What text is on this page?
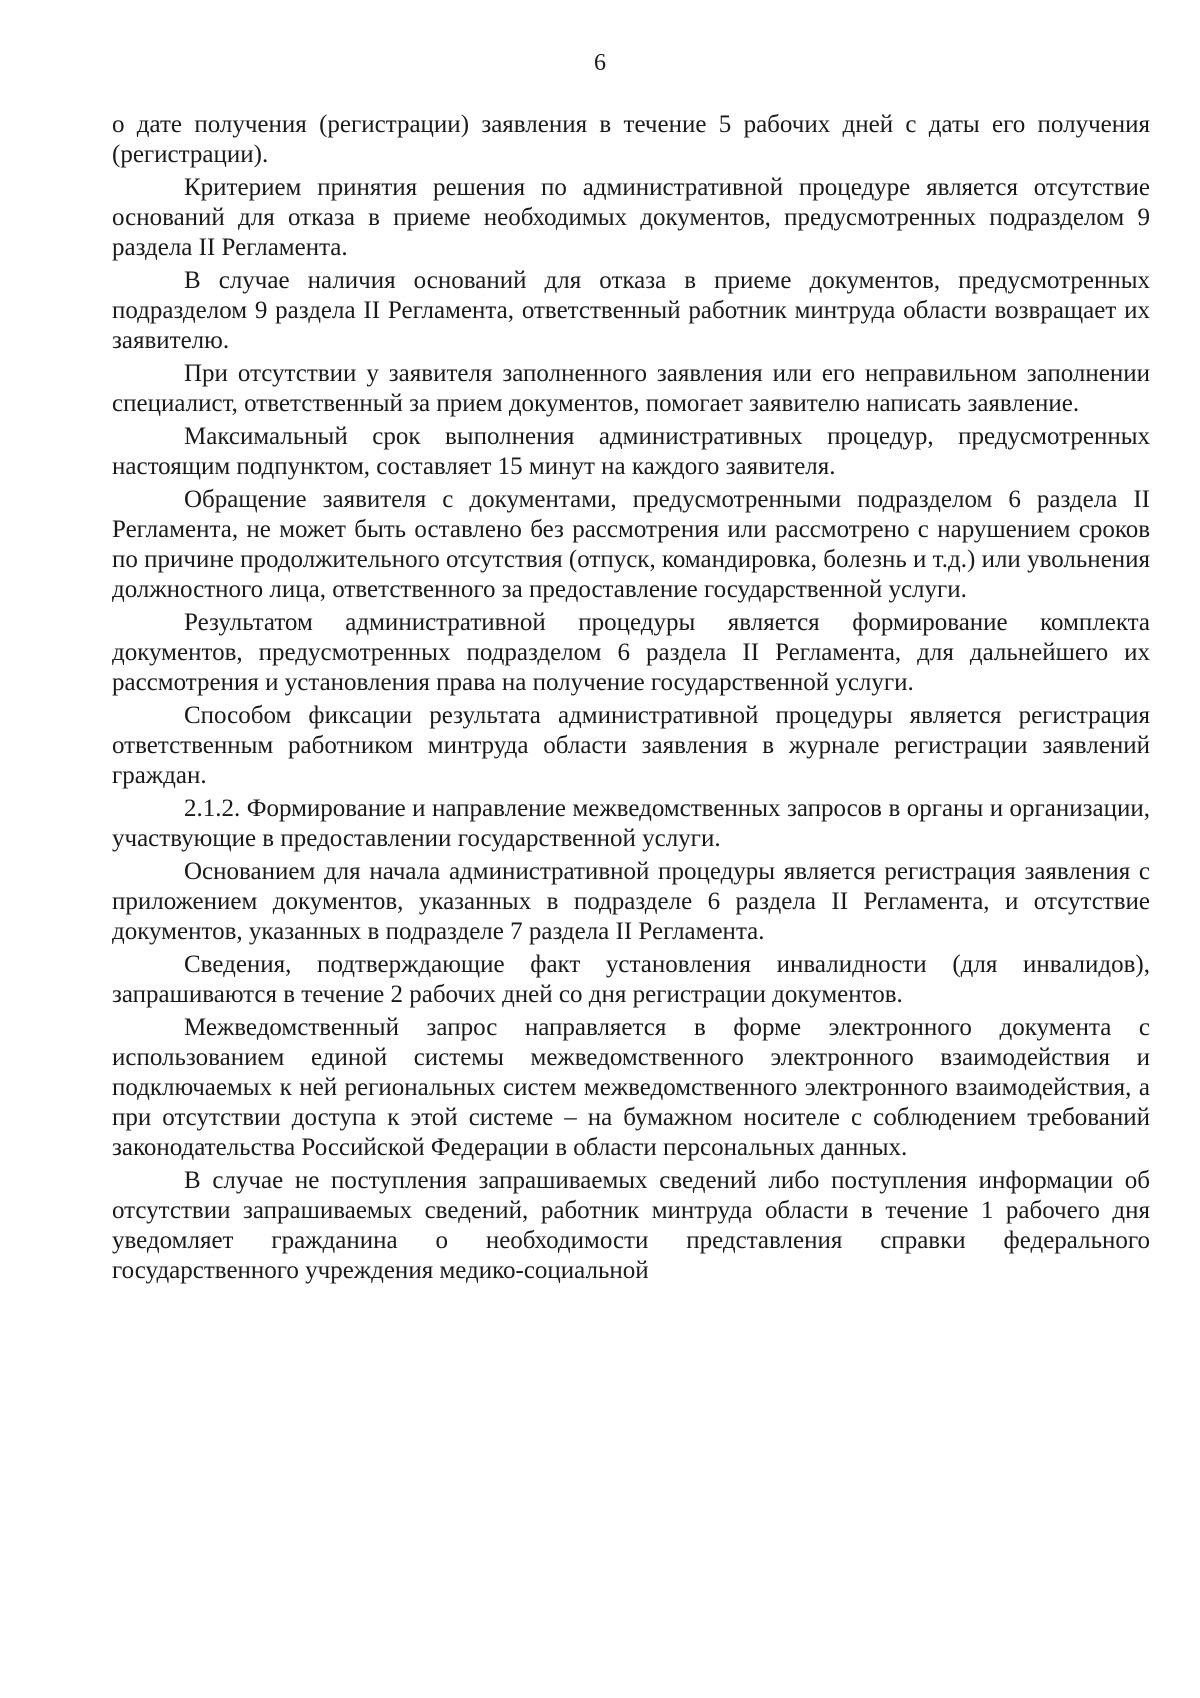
6

о дате получения (регистрации) заявления в течение 5 рабочих дней с даты его получения (регистрации).

Критерием принятия решения по административной процедуре является отсутствие оснований для отказа в приеме необходимых документов, предусмотренных подразделом 9 раздела II Регламента.

В случае наличия оснований для отказа в приеме документов, предусмотренных подразделом 9 раздела II Регламента, ответственный работник минтруда области возвращает их заявителю.

При отсутствии у заявителя заполненного заявления или его неправильном заполнении специалист, ответственный за прием документов, помогает заявителю написать заявление.

Максимальный срок выполнения административных процедур, предусмотренных настоящим подпунктом, составляет 15 минут на каждого заявителя.

Обращение заявителя с документами, предусмотренными подразделом 6 раздела II Регламента, не может быть оставлено без рассмотрения или рассмотрено с нарушением сроков по причине продолжительного отсутствия (отпуск, командировка, болезнь и т.д.) или увольнения должностного лица, ответственного за предоставление государственной услуги.

Результатом административной процедуры является формирование комплекта документов, предусмотренных подразделом 6 раздела II Регламента, для дальнейшего их рассмотрения и установления права на получение государственной услуги.

Способом фиксации результата административной процедуры является регистрация ответственным работником минтруда области заявления в журнале регистрации заявлений граждан.

2.1.2. Формирование и направление межведомственных запросов в органы и организации, участвующие в предоставлении государственной услуги.

Основанием для начала административной процедуры является регистрация заявления с приложением документов, указанных в подразделе 6 раздела II Регламента, и отсутствие документов, указанных в подразделе 7 раздела II Регламента.

Сведения, подтверждающие факт установления инвалидности (для инвалидов), запрашиваются в течение 2 рабочих дней со дня регистрации документов.

Межведомственный запрос направляется в форме электронного документа с использованием единой системы межведомственного электронного взаимодействия и подключаемых к ней региональных систем межведомственного электронного взаимодействия, а при отсутствии доступа к этой системе – на бумажном носителе с соблюдением требований законодательства Российской Федерации в области персональных данных.

В случае не поступления запрашиваемых сведений либо поступления информации об отсутствии запрашиваемых сведений, работник минтруда области в течение 1 рабочего дня уведомляет гражданина о необходимости представления справки федерального государственного учреждения медико-социальной
